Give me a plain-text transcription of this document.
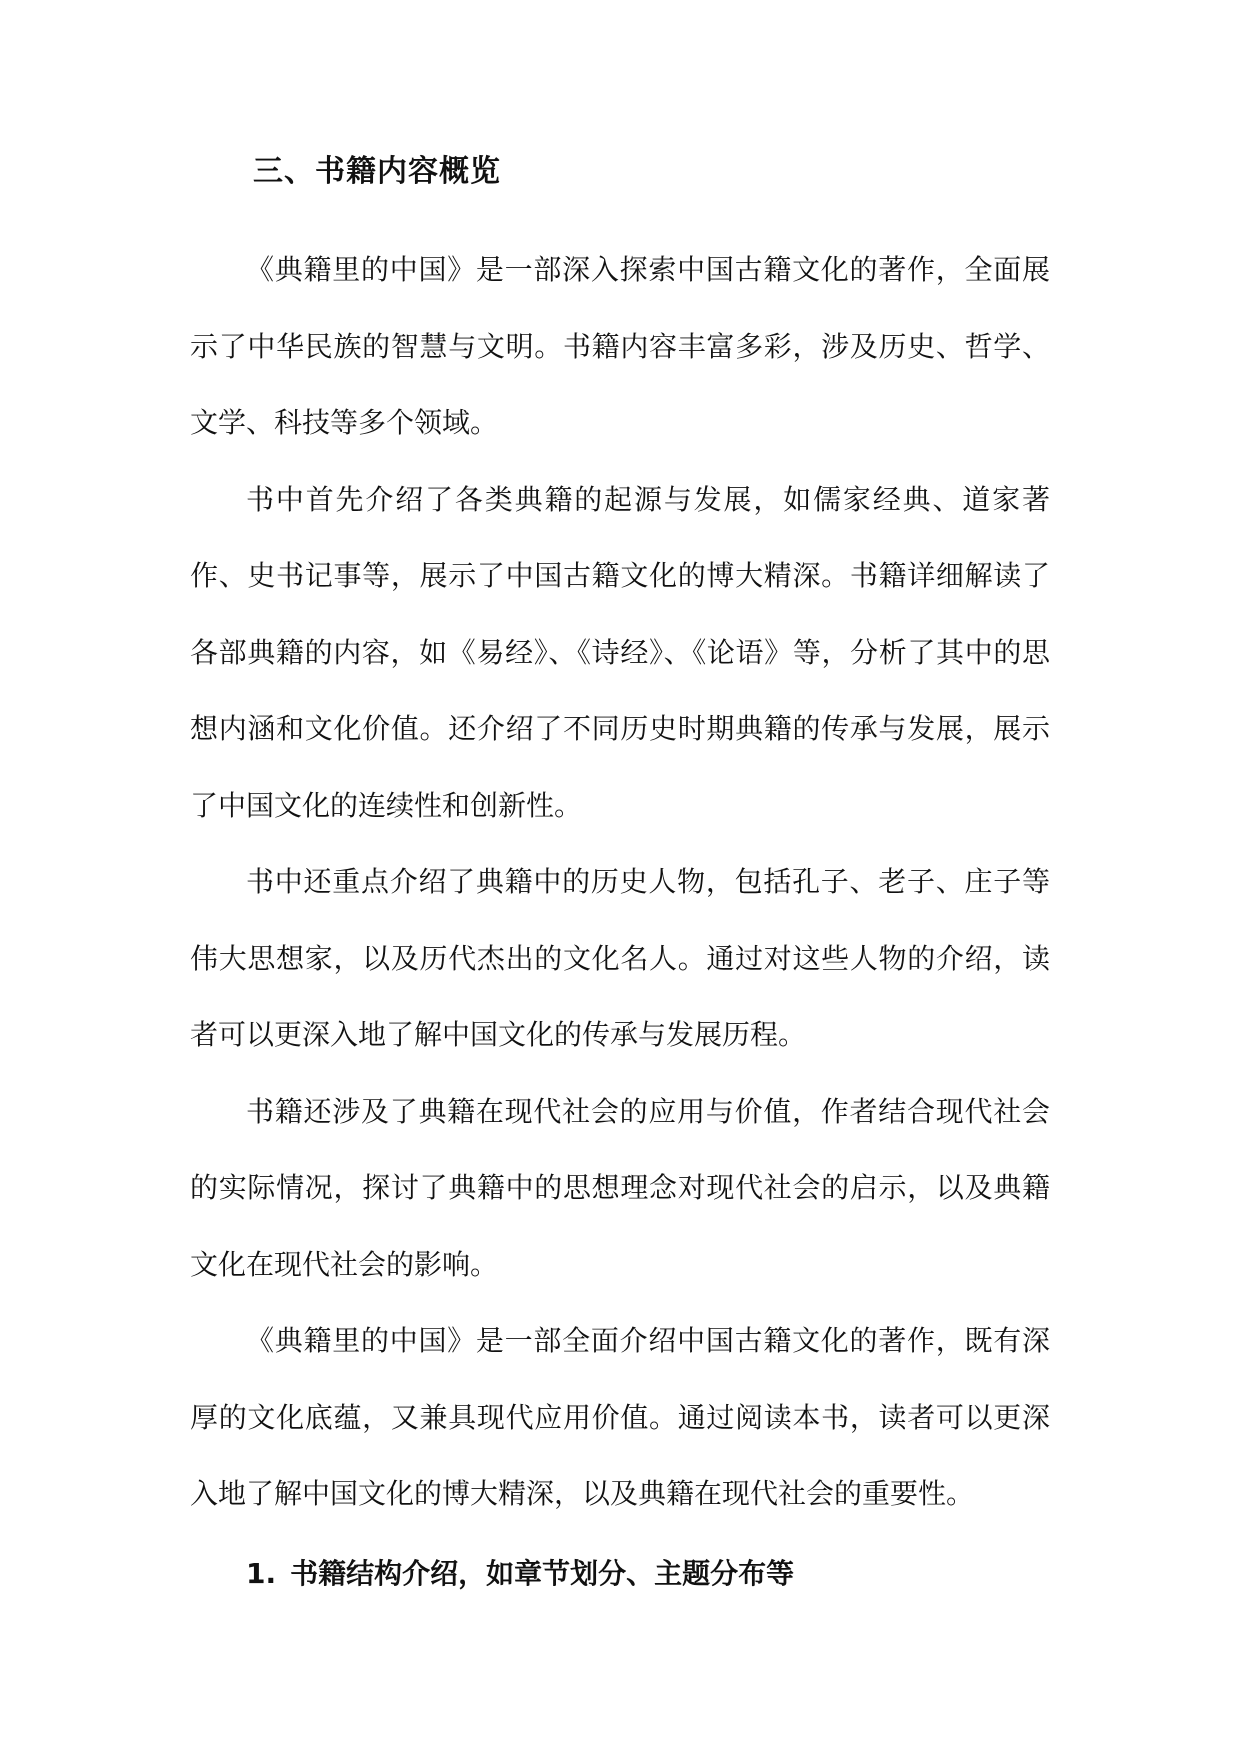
三、书籍内容概览

《典籍里的中国》是一部深入探索中国古籍文化的著作，全面展示了中华民族的智慧与文明。书籍内容丰富多彩，涉及历史、哲学、文学、科技等多个领域。

书中首先介绍了各类典籍的起源与发展，如儒家经典、道家著作、史书记事等，展示了中国古籍文化的博大精深。书籍详细解读了各部典籍的内容，如《易经》、《诗经》、《论语》等，分析了其中的思想内涵和文化价值。还介绍了不同历史时期典籍的传承与发展，展示了中国文化的连续性和创新性。

书中还重点介绍了典籍中的历史人物，包括孔子、老子、庄子等伟大思想家，以及历代杰出的文化名人。通过对这些人物的介绍，读者可以更深入地了解中国文化的传承与发展历程。

书籍还涉及了典籍在现代社会的应用与价值，作者结合现代社会的实际情况，探讨了典籍中的思想理念对现代社会的启示，以及典籍文化在现代社会的影响。

《典籍里的中国》是一部全面介绍中国古籍文化的著作，既有深厚的文化底蕴，又兼具现代应用价值。通过阅读本书，读者可以更深入地了解中国文化的博大精深，以及典籍在现代社会的重要性。

1. 书籍结构介绍，如章节划分、主题分布等
